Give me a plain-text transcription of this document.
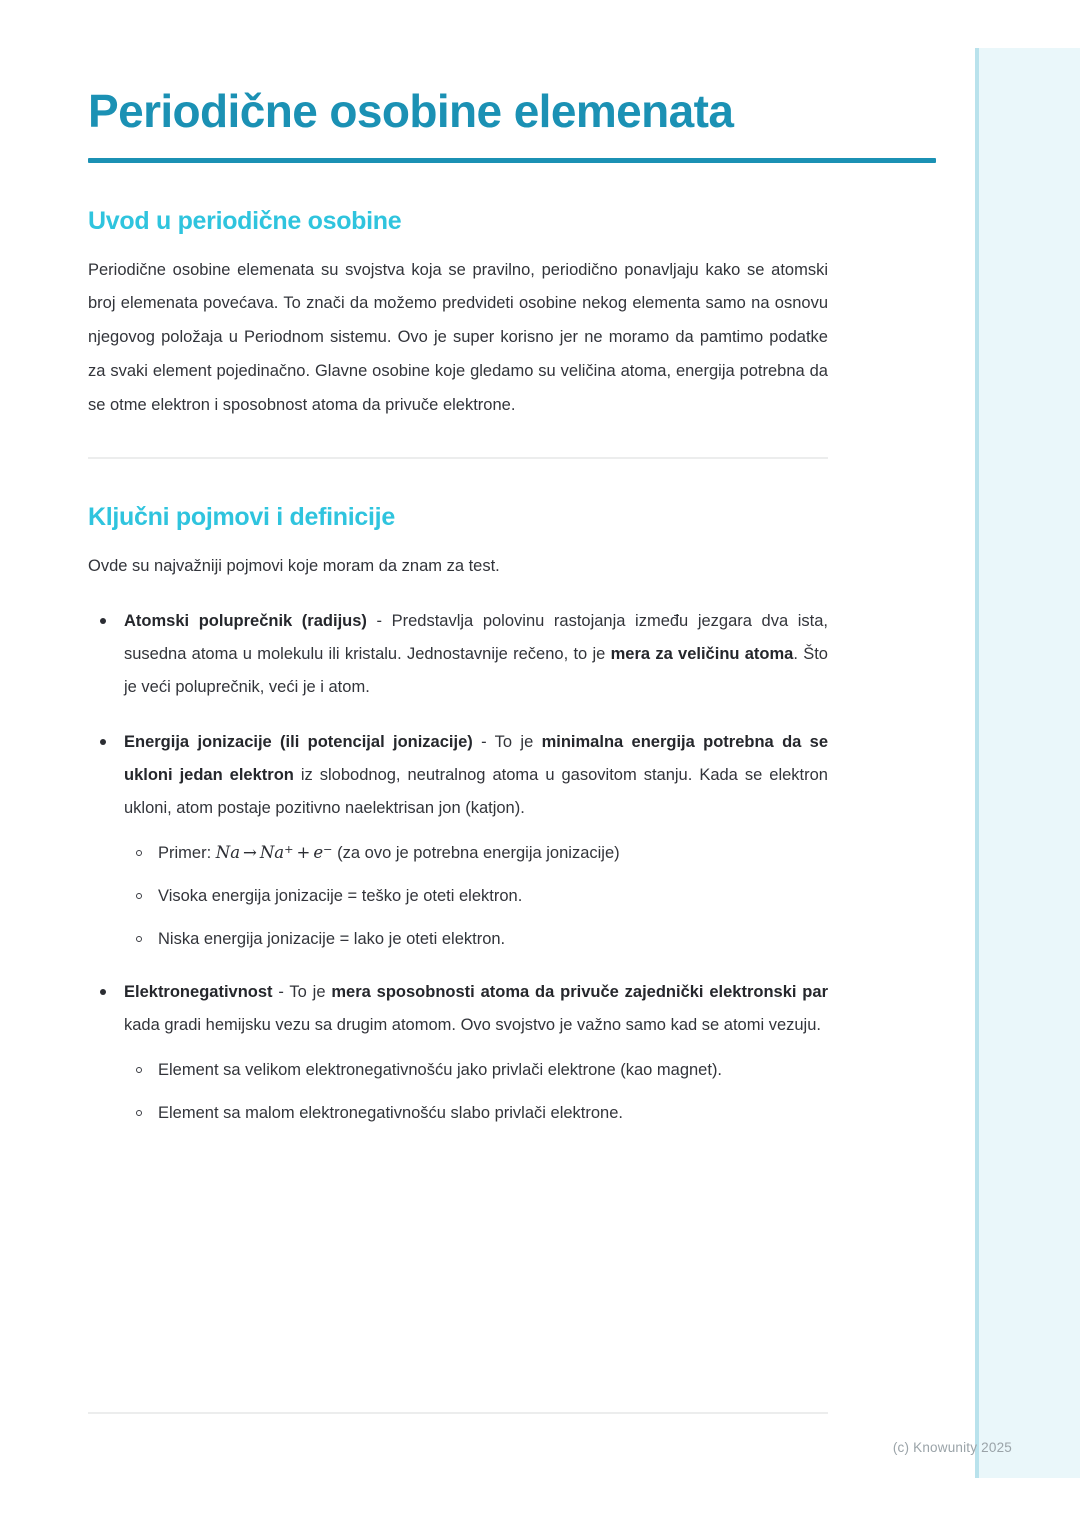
Periodične osobine elemenata
Uvod u periodične osobine

Periodične osobine elemenata su svojstva koja se pravilno, periodično ponavljaju kako se atomski broj elemenata povećava. To znači da možemo predvideti osobine nekog elementa samo na osnovu njegovog položaja u Periodnom sistemu. Ovo je super korisno jer ne moramo da pamtimo podatke za svaki element pojedinačno. Glavne osobine koje gledamo su veličina atoma, energija potrebna da se otme elektron i sposobnost atoma da privuče elektrone.

Ključni pojmovi i definicije

Ovde su najvažniji pojmovi koje moram da znam za test.

Atomski poluprečnik (radijus) - Predstavlja polovinu rastojanja između jezgara dva ista, susedna atoma u molekulu ili kristalu. Jednostavnije rečeno, to je mera za veličinu atoma. Što je veći poluprečnik, veći je i atom.
Energija jonizacije (ili potencijal jonizacije) - To je minimalna energija potrebna da se ukloni jedan elektron iz slobodnog, neutralnog atoma u gasovitom stanju. Kada se elektron ukloni, atom postaje pozitivno naelektrisan jon (katjon).
Primer: Na → Na+ + e− (za ovo je potrebna energija jonizacije)
Visoka energija jonizacije = teško je oteti elektron.
Niska energija jonizacije = lako je oteti elektron.
Elektronegativnost - To je mera sposobnosti atoma da privuče zajednički elektronski par kada gradi hemijsku vezu sa drugim atomom. Ovo svojstvo je važno samo kad se atomi vezuju.
Element sa velikom elektronegativnošću jako privlači elektrone (kao magnet).
Element sa malom elektronegativnošću slabo privlači elektrone.
(c) Knowunity 2025
